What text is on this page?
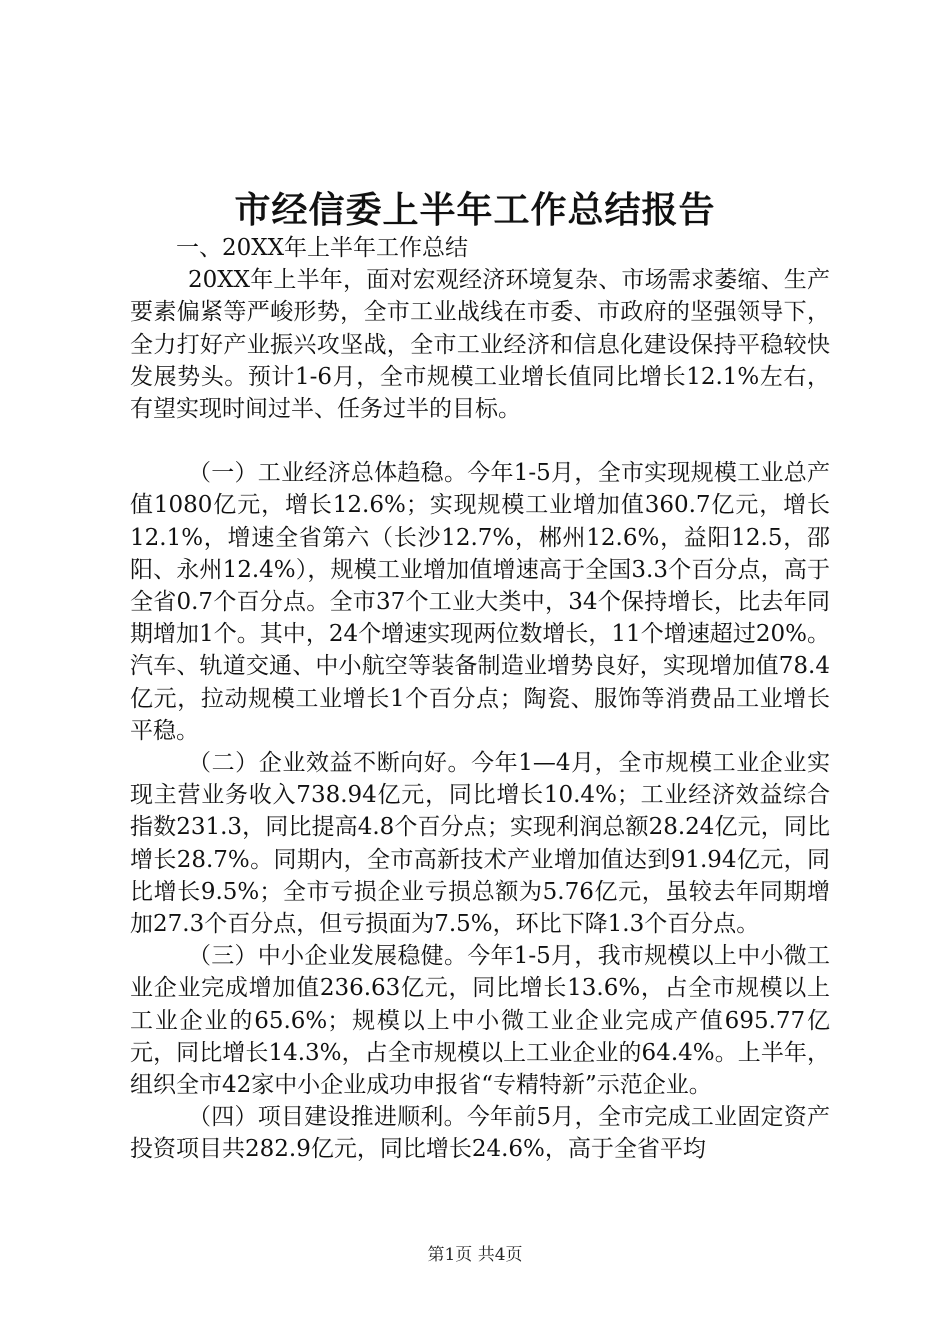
市经信委上半年工作总结报告

一、20XX年上半年工作总结

20XX年上半年，面对宏观经济环境复杂、市场需求萎缩、生产要素偏紧等严峻形势，全市工业战线在市委、市政府的坚强领导下，全力打好产业振兴攻坚战，全市工业经济和信息化建设保持平稳较快发展势头。预计1-6月，全市规模工业增长值同比增长12.1%左右，有望实现时间过半、任务过半的目标。

（一）工业经济总体趋稳。今年1-5月，全市实现规模工业总产值1080亿元，增长12.6%；实现规模工业增加值360.7亿元，增长12.1%，增速全省第六（长沙12.7%，郴州12.6%，益阳12.5，邵阳、永州12.4%），规模工业增加值增速高于全国3.3个百分点，高于全省0.7个百分点。全市37个工业大类中，34个保持增长，比去年同期增加1个。其中，24个增速实现两位数增长，11个增速超过20%。汽车、轨道交通、中小航空等装备制造业增势良好，实现增加值78.4亿元，拉动规模工业增长1个百分点；陶瓷、服饰等消费品工业增长平稳。

（二）企业效益不断向好。今年1—4月，全市规模工业企业实现主营业务收入738.94亿元，同比增长10.4%；工业经济效益综合指数231.3，同比提高4.8个百分点；实现利润总额28.24亿元，同比增长28.7%。同期内，全市高新技术产业增加值达到91.94亿元，同比增长9.5%；全市亏损企业亏损总额为5.76亿元，虽较去年同期增加27.3个百分点，但亏损面为7.5%，环比下降1.3个百分点。

（三）中小企业发展稳健。今年1-5月，我市规模以上中小微工业企业完成增加值236.63亿元，同比增长13.6%，占全市规模以上工业企业的65.6%；规模以上中小微工业企业完成产值695.77亿元，同比增长14.3%，占全市规模以上工业企业的64.4%。上半年，组织全市42家中小企业成功申报省“专精特新”示范企业。

（四）项目建设推进顺利。今年前5月，全市完成工业固定资产投资项目共282.9亿元，同比增长24.6%，高于全省平均

第1页 共4页
